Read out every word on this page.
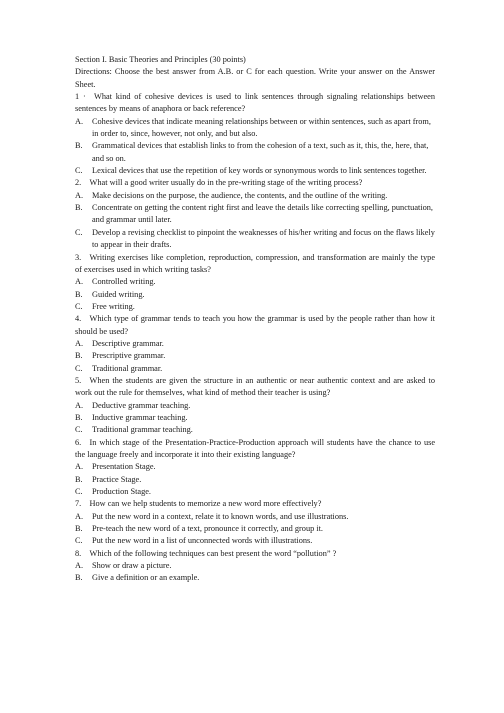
Section I. Basic Theories and Principles (30 points)

Directions: Choose the best answer from A.B. or C for each question. Write your answer on the Answer Sheet.

1 ·  What kind of cohesive devices is used to link sentences through signaling relationships between sentences by means of anaphora or back reference?

A.	Cohesive devices that indicate meaning relationships between or within sentences, such as apart from, in order to, since, however, not only, and but also.
B.	Grammatical devices that establish links to from the cohesion of a text, such as it, this, the, here, that, and so on.
C.	Lexical devices that use the repetition of key words or synonymous words to link sentences together.

2.  What will a good writer usually do in the pre-writing stage of the writing process?

A.	Make decisions on the purpose, the audience, the contents, and the outline of the writing.
B.	Concentrate on getting the content right first and leave the details like correcting spelling, punctuation, and grammar until later.
C.	Develop a revising checklist to pinpoint the weaknesses of his/her writing and focus on the flaws likely to appear in their drafts.

3.  Writing exercises like completion, reproduction, compression, and transformation are mainly the type of exercises used in which writing tasks?

A.	Controlled writing.
B.	Guided writing.
C.	Free writing.

4.  Which type of grammar tends to teach you how the grammar is used by the people rather than how it should be used?

A.	Descriptive grammar.
B.	Prescriptive grammar.
C.	Traditional grammar.

5.  When the students are given the structure in an authentic or near authentic context and are asked to work out the rule for themselves, what kind of method their teacher is using?

A.	Deductive grammar teaching.
B.	Inductive grammar teaching.
C.	Traditional grammar teaching.

6.  In which stage of the Presentation-Practice-Production approach will students have the chance to use the language freely and incorporate it into their existing language?

A.	Presentation Stage.
B.	Practice Stage.
C.	Production Stage.

7.  How can we help students to memorize a new word more effectively?

A.	Put the new word in a context, relate it to known words, and use illustrations.
B.	Pre-teach the new word of a text, pronounce it correctly, and group it.
C.	Put the new word in a list of unconnected words with illustrations.

8.  Which of the following techniques can best present the word “pollution” ?

A.	Show or draw a picture.
B.	Give a definition or an example.
